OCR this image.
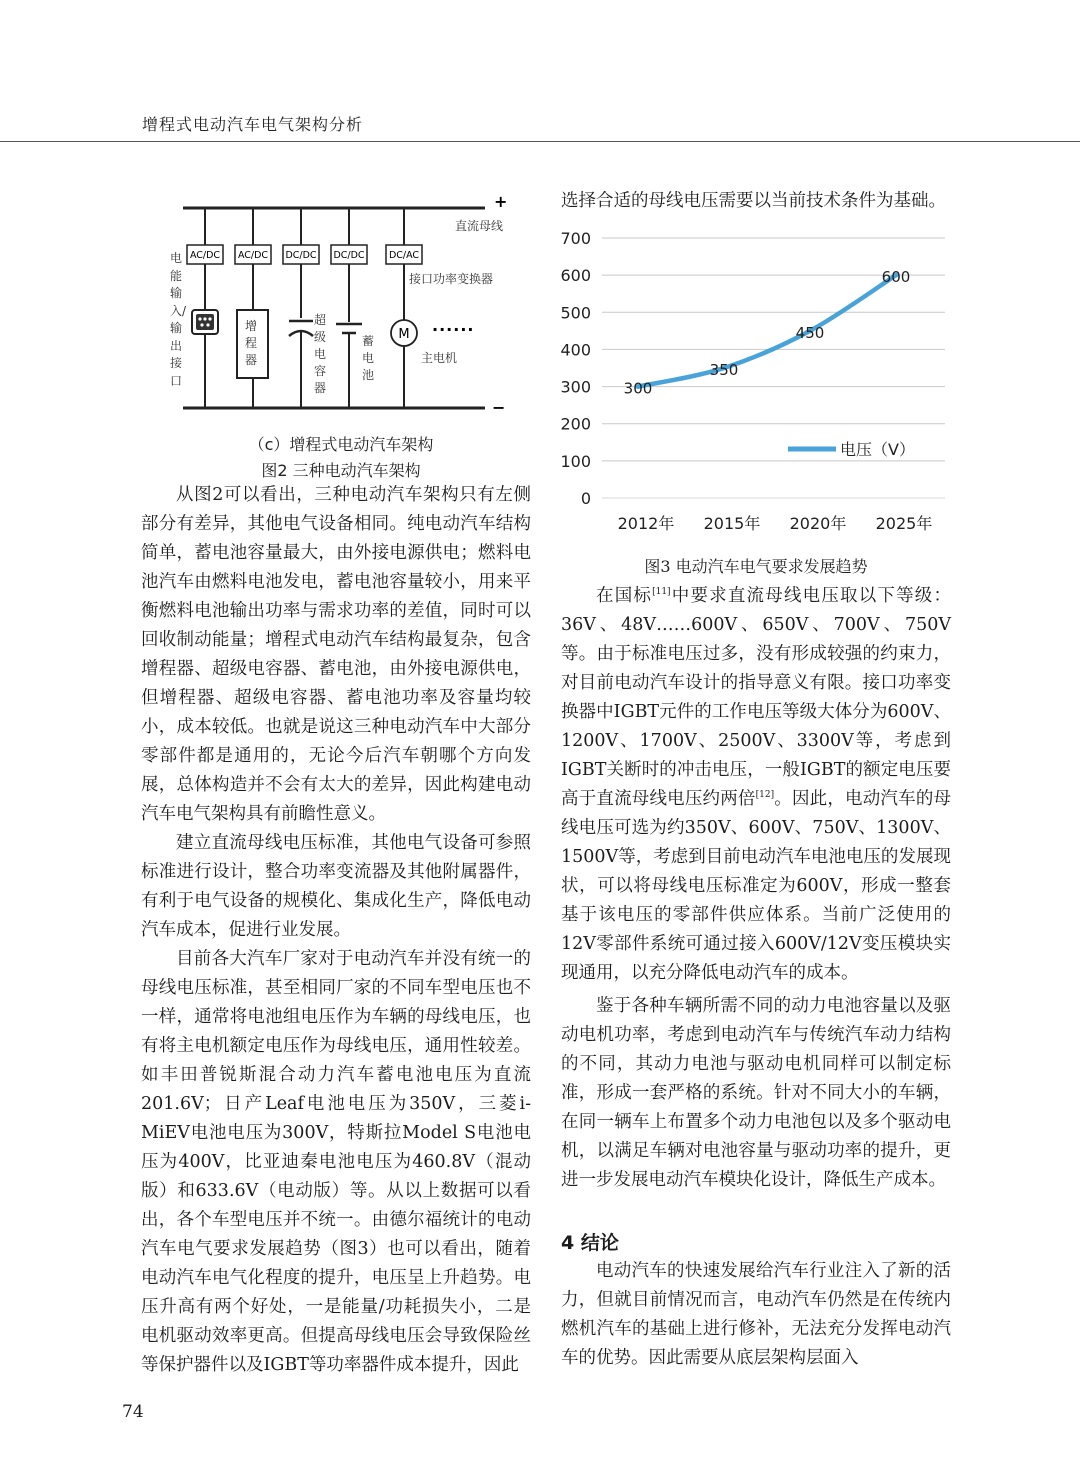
增程式电动汽车电气架构分析
+
−
直流母线
AC/DC AC/DC DC/DC DC/DC	DC/AC
接口功率变换器
M ······
主电机
电能输入/输出接口
增程器
超级电容器
蓄电池
（c）增程式电动汽车架构
图2 三种电动汽车架构
选择合适的母线电压需要以当前技术条件为基础。
0
100
200
300
400
500
600
700
2012年 2015年 2020年 2025年
300
350
450
600
电压（V）
图3 电动汽车电气要求发展趋势

从图2可以看出，三种电动汽车架构只有左侧部分有差异，其他电气设备相同。纯电动汽车结构简单，蓄电池容量最大，由外接电源供电；燃料电池汽车由燃料电池发电，蓄电池容量较小，用来平衡燃料电池输出功率与需求功率的差值，同时可以回收制动能量；增程式电动汽车结构最复杂，包含增程器、超级电容器、蓄电池，由外接电源供电，但增程器、超级电容器、蓄电池功率及容量均较小，成本较低。也就是说这三种电动汽车中大部分零部件都是通用的，无论今后汽车朝哪个方向发展，总体构造并不会有太大的差异，因此构建电动汽车电气架构具有前瞻性意义。

建立直流母线电压标准，其他电气设备可参照标准进行设计，整合功率变流器及其他附属器件，有利于电气设备的规模化、集成化生产，降低电动汽车成本，促进行业发展。

目前各大汽车厂家对于电动汽车并没有统一的母线电压标准，甚至相同厂家的不同车型电压也不一样，通常将电池组电压作为车辆的母线电压，也有将主电机额定电压作为母线电压，通用性较差。如丰田普锐斯混合动力汽车蓄电池电压为直流201.6V；日产Leaf电池电压为350V，三菱i-MiEV电池电压为300V，特斯拉Model S电池电压为400V，比亚迪秦电池电压为460.8V（混动版）和633.6V（电动版）等。从以上数据可以看出，各个车型电压并不统一。由德尔福统计的电动汽车电气要求发展趋势（图3）也可以看出，随着电动汽车电气化程度的提升，电压呈上升趋势。电压升高有两个好处，一是能量/功耗损失小，二是电机驱动效率更高。但提高母线电压会导致保险丝等保护器件以及IGBT等功率器件成本提升，因此

在国标[11]中要求直流母线电压取以下等级：36V、48V……600V、650V、700V、750V等。由于标准电压过多，没有形成较强的约束力，对目前电动汽车设计的指导意义有限。接口功率变换器中IGBT元件的工作电压等级大体分为600V、1200V、1700V、2500V、3300V等，考虑到IGBT关断时的冲击电压，一般IGBT的额定电压要高于直流母线电压约两倍[12]。因此，电动汽车的母线电压可选为约350V、600V、750V、1300V、1500V等，考虑到目前电动汽车电池电压的发展现状，可以将母线电压标准定为600V，形成一整套基于该电压的零部件供应体系。当前广泛使用的12V零部件系统可通过接入600V/12V变压模块实现通用，以充分降低电动汽车的成本。

鉴于各种车辆所需不同的动力电池容量以及驱动电机功率，考虑到电动汽车与传统汽车动力结构的不同，其动力电池与驱动电机同样可以制定标准，形成一套严格的系统。针对不同大小的车辆，在同一辆车上布置多个动力电池包以及多个驱动电机，以满足车辆对电池容量与驱动功率的提升，更进一步发展电动汽车模块化设计，降低生产成本。

4 结论

电动汽车的快速发展给汽车行业注入了新的活力，但就目前情况而言，电动汽车仍然是在传统内燃机汽车的基础上进行修补，无法充分发挥电动汽车的优势。因此需要从底层架构层面入

74
